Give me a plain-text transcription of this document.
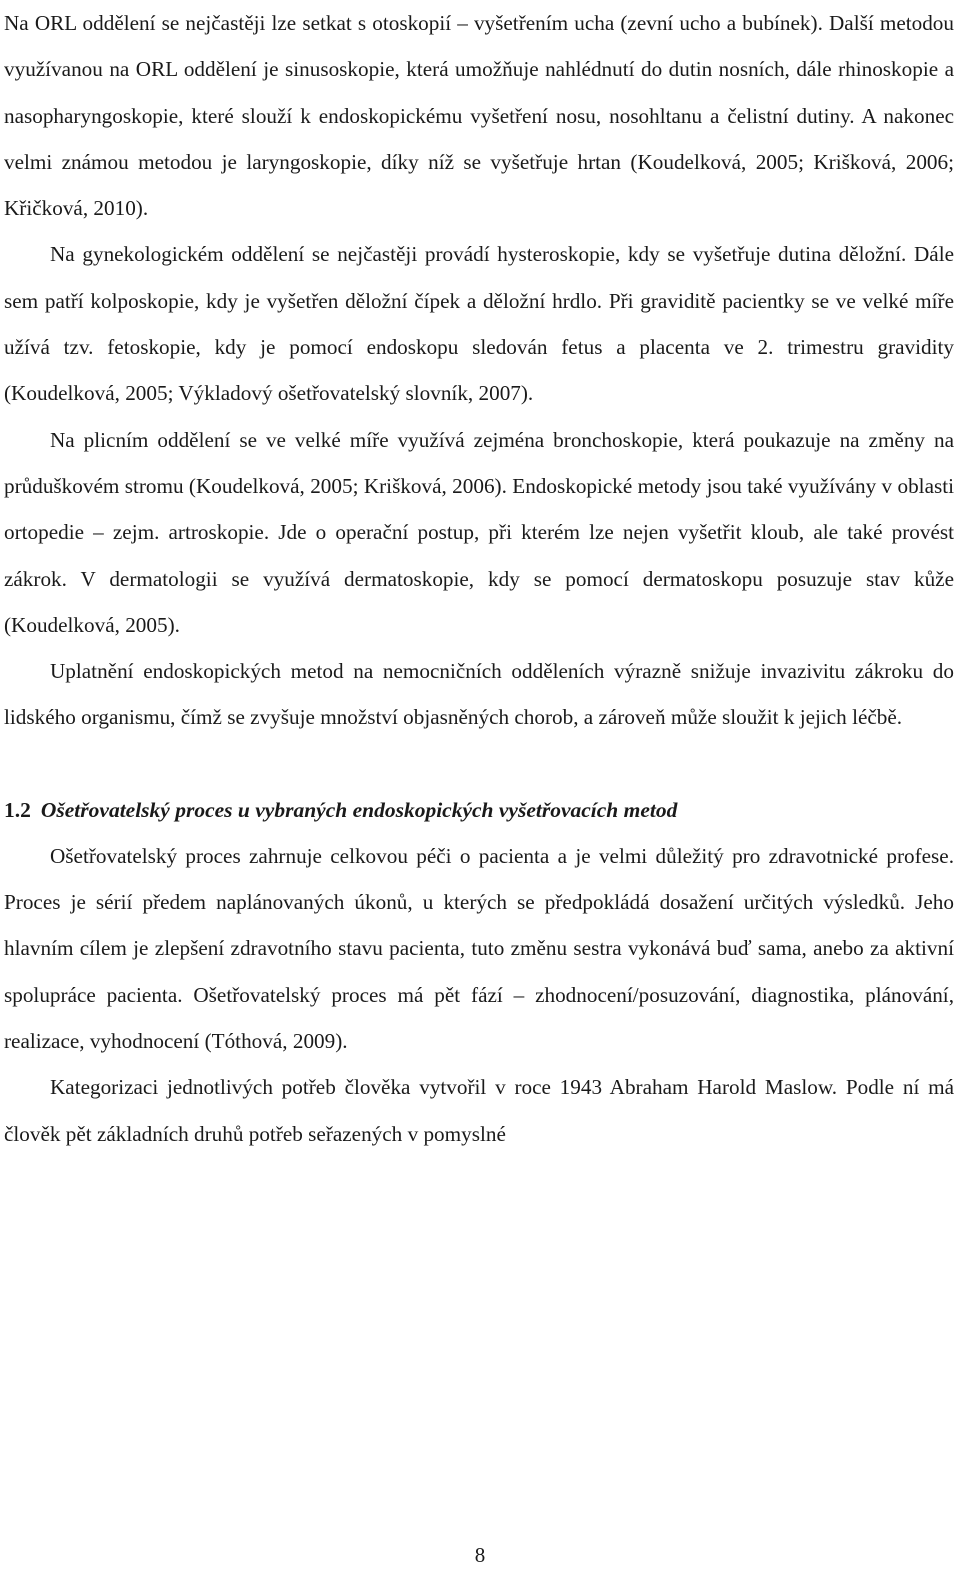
Na ORL oddělení se nejčastěji lze setkat s otoskopií – vyšetřením ucha (zevní ucho a bubínek). Další metodou využívanou na ORL oddělení je sinusoskopie, která umožňuje nahlédnutí do dutin nosních, dále rhinoskopie a nasopharyngoskopie, které slouží k endoskopickému vyšetření nosu, nosohltanu a čelistní dutiny. A nakonec velmi známou metodou je laryngoskopie, díky níž se vyšetřuje hrtan (Koudelková, 2005; Krišková, 2006; Křičková, 2010).

Na gynekologickém oddělení se nejčastěji provádí hysteroskopie, kdy se vyšetřuje dutina děložní. Dále sem patří kolposkopie, kdy je vyšetřen děložní čípek a děložní hrdlo. Při graviditě pacientky se ve velké míře užívá tzv. fetoskopie, kdy je pomocí endoskopu sledován fetus a placenta ve 2. trimestru gravidity (Koudelková, 2005; Výkladový ošetřovatelský slovník, 2007).

Na plicním oddělení se ve velké míře využívá zejména bronchoskopie, která poukazuje na změny na průduškovém stromu (Koudelková, 2005; Krišková, 2006). Endoskopické metody jsou také využívány v oblasti ortopedie – zejm. artroskopie. Jde o operační postup, při kterém lze nejen vyšetřit kloub, ale také provést zákrok. V dermatologii se využívá dermatoskopie, kdy se pomocí dermatoskopu posuzuje stav kůže (Koudelková, 2005).

Uplatnění endoskopických metod na nemocničních odděleních výrazně snižuje invazivitu zákroku do lidského organismu, čímž se zvyšuje množství objasněných chorob, a zároveň může sloužit k jejich léčbě.

1.2 Ošetřovatelský proces u vybraných endoskopických vyšetřovacích metod

Ošetřovatelský proces zahrnuje celkovou péči o pacienta a je velmi důležitý pro zdravotnické profese. Proces je sérií předem naplánovaných úkonů, u kterých se předpokládá dosažení určitých výsledků. Jeho hlavním cílem je zlepšení zdravotního stavu pacienta, tuto změnu sestra vykonává buď sama, anebo za aktivní spolupráce pacienta. Ošetřovatelský proces má pět fází – zhodnocení/posuzování, diagnostika, plánování, realizace, vyhodnocení (Tóthová, 2009).

Kategorizaci jednotlivých potřeb člověka vytvořil v roce 1943 Abraham Harold Maslow. Podle ní má člověk pět základních druhů potřeb seřazených v pomyslné

8
